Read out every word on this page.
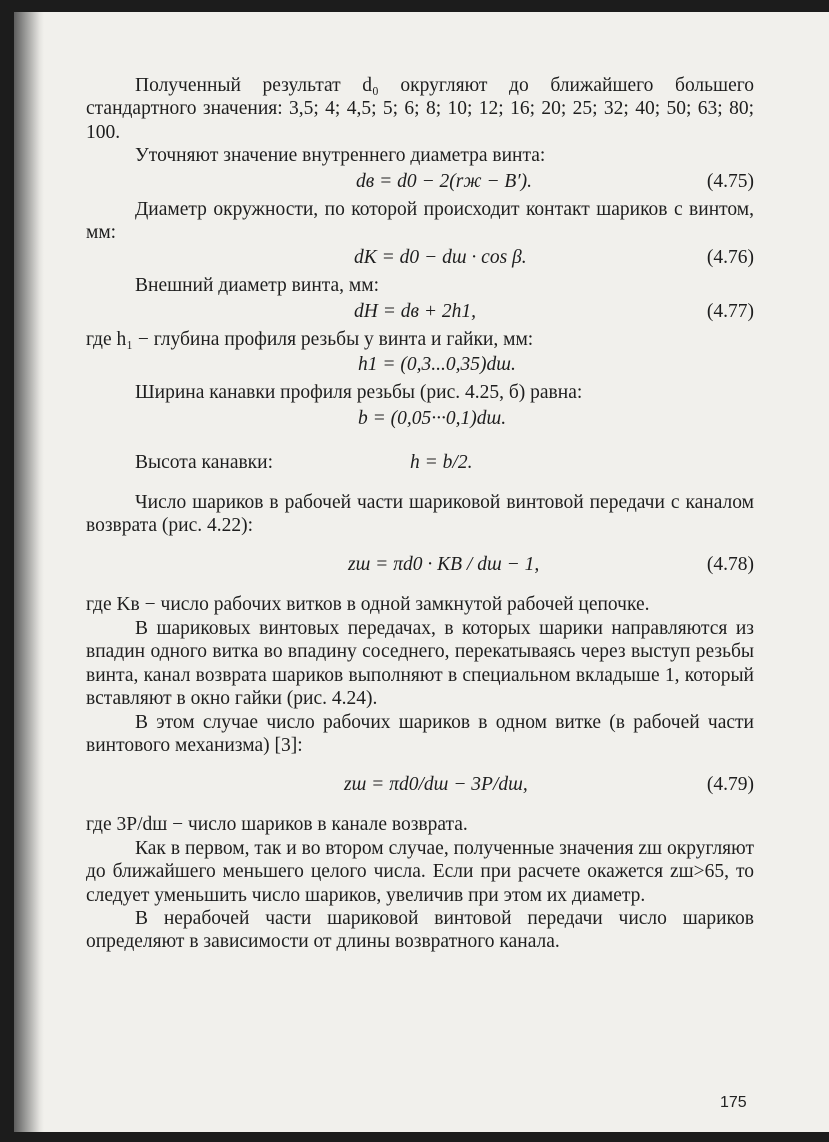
Полученный результат d₀ округляют до ближайшего большего стандартного значения: 3,5; 4; 4,5; 5; 6; 8; 10; 12; 16; 20; 25; 32; 40; 50; 63; 80; 100.

Уточняют значение внутреннего диаметра винта:

dв = d0 − 2(rж − B′).	(4.75)

Диаметр окружности, по которой происходит контакт шариков с винтом, мм:

dK = d0 − dш · cos β.	(4.76)

Внешний диаметр винта, мм:

dH = dв + 2h1,	(4.77)

где h₁ − глубина профиля резьбы у винта и гайки, мм:

h1 = (0,3...0,35)dш.

Ширина канавки профиля резьбы (рис. 4.25, б) равна:

b = (0,05···0,1)dш.
Высота канавки:	h = b/2.

Число шариков в рабочей части шариковой винтовой передачи с каналом возврата (рис. 4.22):

zш = πd0 · KB / dш − 1,	(4.78)

где Kв − число рабочих витков в одной замкнутой рабочей цепочке.

В шариковых винтовых передачах, в которых шарики направляются из впадин одного витка во впадину соседнего, перекатываясь через выступ резьбы винта, канал возврата шариков выполняют в специальном вкладыше 1, который вставляют в окно гайки (рис. 4.24).

В этом случае число рабочих шариков в одном витке (в рабочей части винтового механизма) [3]:

zш = πd0/dш − 3P/dш,	(4.79)

где 3P/dш − число шариков в канале возврата.

Как в первом, так и во втором случае, полученные значения zш округляют до ближайшего меньшего целого числа. Если при расчете окажется zш>65, то следует уменьшить число шариков, увеличив при этом их диаметр.

В нерабочей части шариковой винтовой передачи число шариков определяют в зависимости от длины возвратного канала.

175
